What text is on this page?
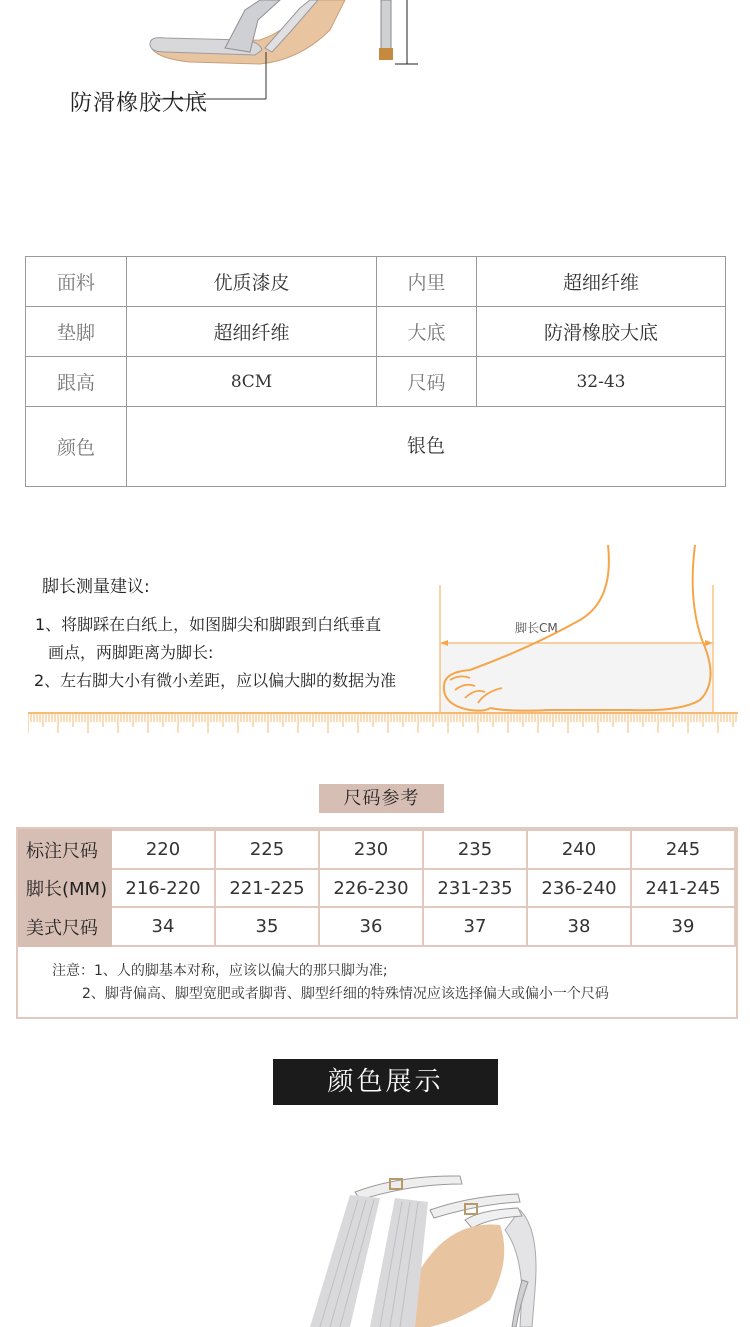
防滑橡胶大底
面料	优质漆皮	内里	超细纤维
垫脚	超细纤维	大底	防滑橡胶大底
跟高	8CM	尺码	32-43
颜色	银色		
脚长测量建议:
1、将脚踩在白纸上，如图脚尖和脚跟到白纸垂直
画点，两脚距离为脚长:
2、左右脚大小有微小差距，应以偏大脚的数据为准
脚长CM
尺码参考
标注尺码	220	225	230	235	240	245
脚长(MM)	216-220	221-225	226-230	231-235	236-240	241-245
美式尺码	34	35	36	37	38	39
注意：1、人的脚基本对称，应该以偏大的那只脚为准;
2、脚背偏高、脚型宽肥或者脚背、脚型纤细的特殊情况应该选择偏大或偏小一个尺码
颜色展示
